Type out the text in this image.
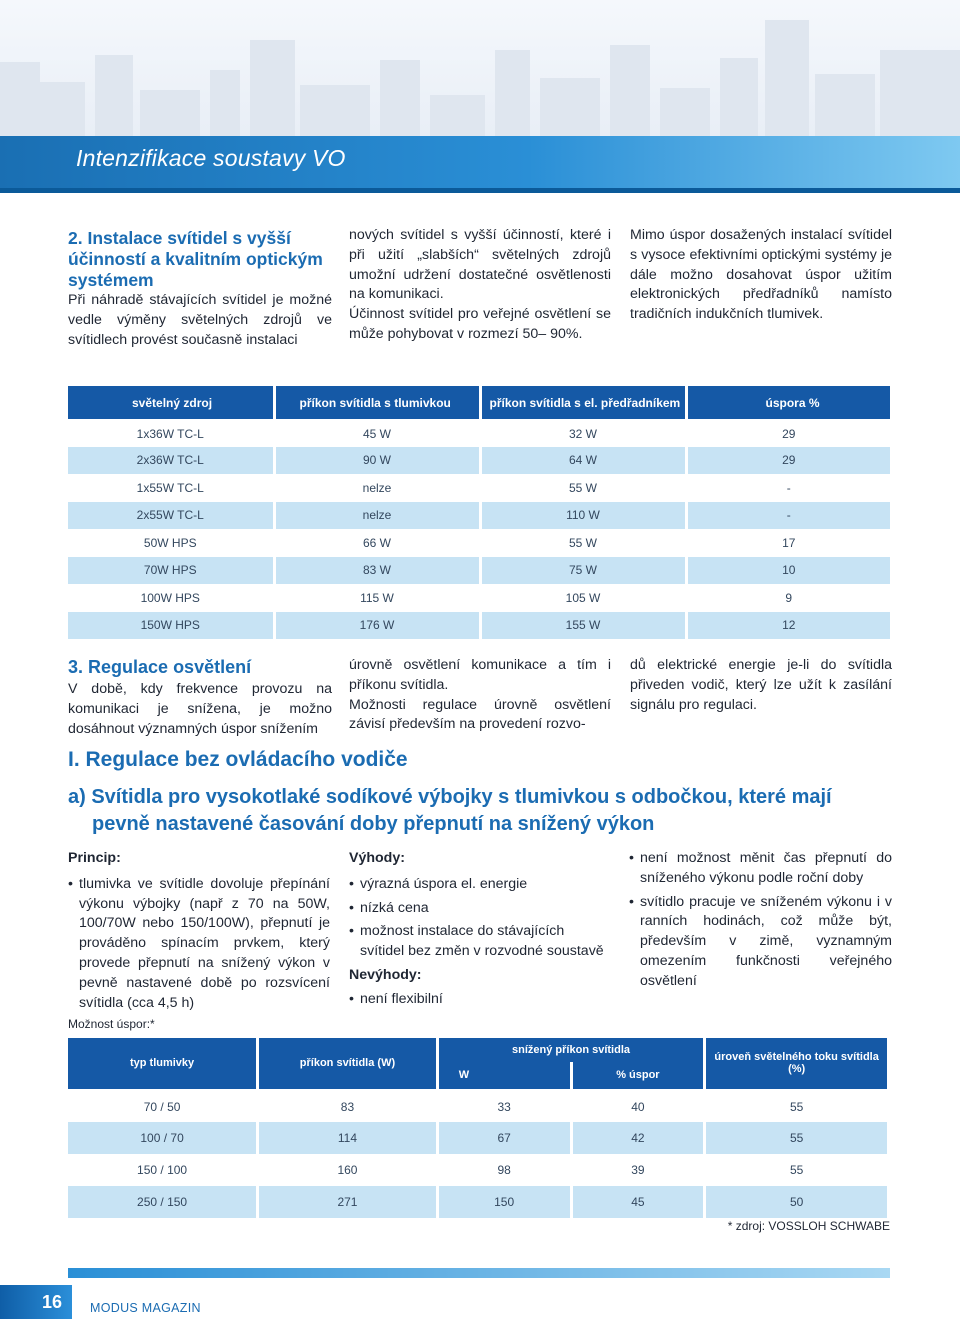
Intenzifikace soustavy VO
2. Instalace svítidel s vyšší účinností a kvalitním optickým systémem
Při náhradě stávajících svítidel je možné vedle výměny světelných zdrojů ve svítidlech provést současně instalaci
nových svítidel s vyšší účinností, které i při užití „slabších“ světelných zdrojů umožní udržení dostatečné osvětlenosti na komunikaci.
Účinnost svítidel pro veřejné osvětlení se může pohybovat v rozmezí 50– 90%.
Mimo úspor dosažených instalací svítidel s vysoce efektivními optickými systémy je dále možno dosahovat úspor užitím elektronických předřadníků namísto tradičních indukčních tlumivek.
světelný zdroj	příkon svítidla s tlumivkou	příkon svítidla s el. předřadníkem	úspora %
1x36W TC-L	45 W	32 W	29
2x36W TC-L	90 W	64 W	29
1x55W TC-L	nelze	55 W	-
2x55W TC-L	nelze	110 W	-
50W HPS	66 W	55 W	17
70W HPS	83 W	75 W	10
100W HPS	115 W	105 W	9
150W HPS	176 W	155 W	12
3. Regulace osvětlení
V době, kdy frekvence provozu na komunikaci je snížena, je možno dosáhnout významných úspor snížením
úrovně osvětlení komunikace a tím i příkonu svítidla.
Možnosti regulace úrovně osvětlení závisí především na provedení rozvo-
dů elektrické energie je-li do svítidla přiveden vodič, který lze užít k zasílání signálu pro regulaci.
I. Regulace bez ovládacího vodiče
a) Svítidla pro vysokotlaké sodíkové výbojky s tlumivkou s odbočkou, které mají
pevně nastavené časování doby přepnutí na snížený výkon
Princip:
• tlumivka ve svítidle dovoluje přepínání výkonu výbojky (např z 70 na 50W, 100/70W nebo 150/100W), přepnutí je prováděno spínacím prvkem, který provede přepnutí na snížený výkon v pevně nastavené době po rozsvícení svítidla (cca 4,5 h)
Výhody:
• výrazná úspora el. energie
• nízká cena
• možnost instalace do stávajících svítidel bez změn v rozvodné soustavě
Nevýhody:
• není flexibilní
• není možnost měnit čas přepnutí do sníženého výkonu podle roční doby
• svítidlo pracuje ve sníženém výkonu i v ranních hodinách, což může být, především v zimě, vyznamným omezením funkčnosti veřejného osvětlení
Možnost úspor:*
typ tlumivky	příkon svítidla (W)	snížený příkon svítidla		úroveň světelného toku svítidla (%)
		W	% úspor	
70 / 50	83	33	40	55
100 / 70	114	67	42	55
150 / 100	160	98	39	55
250 / 150	271	150	45	50
* zdroj: VOSSLOH SCHWABE
16	MODUS MAGAZIN
